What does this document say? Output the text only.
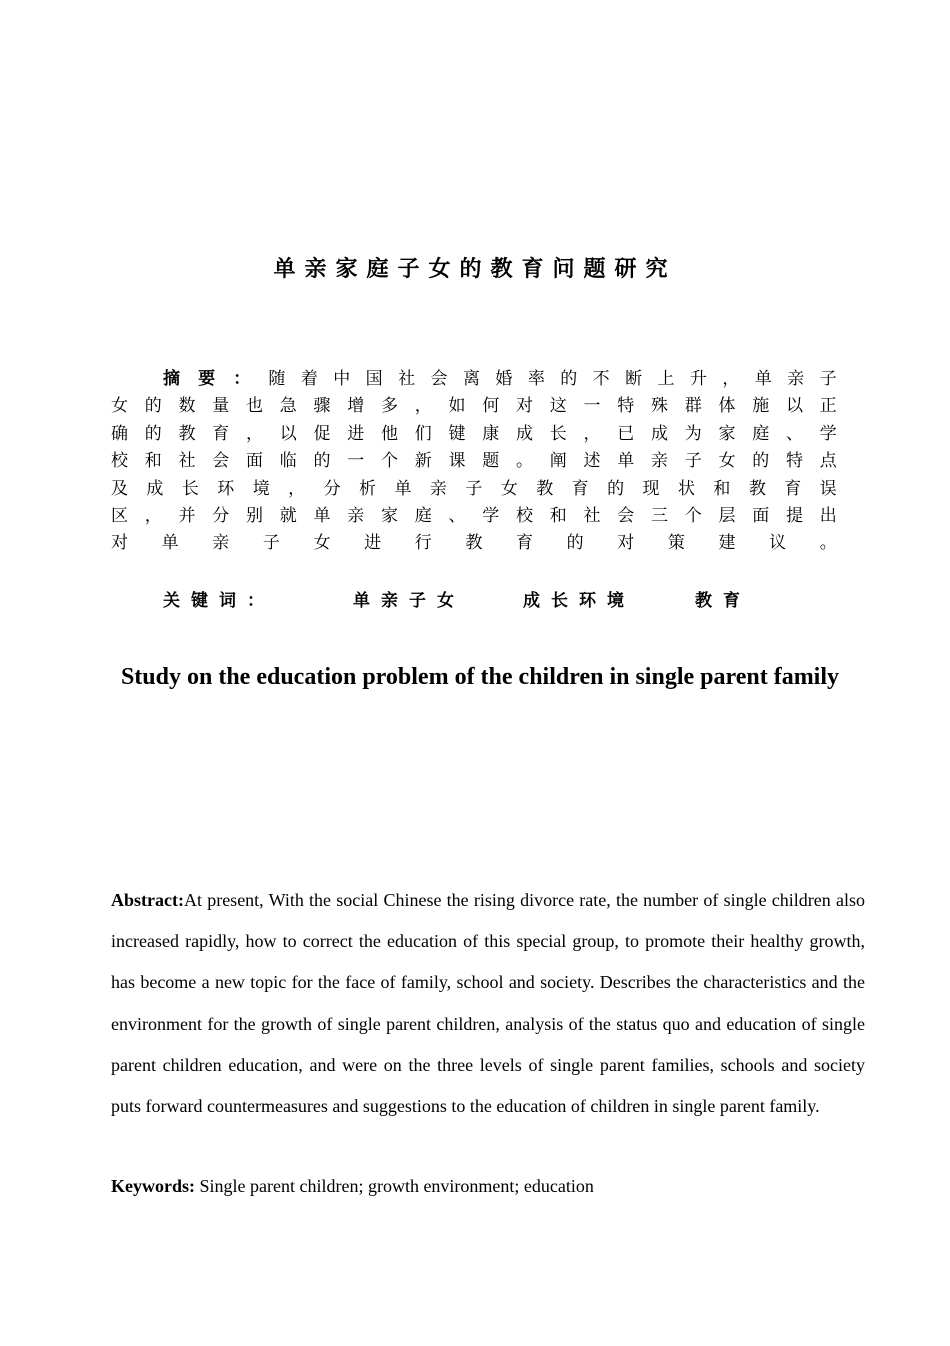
单亲家庭子女的教育问题研究
摘要：随着中国社会离婚率的不断上升，单亲子女的数量也急骤增多，如何对这一特殊群体施以正确的教育，以促进他们键康成长，已成为家庭、学校和社会面临的一个新课题。阐述单亲子女的特点及成长环境，分析单亲子女教育的现状和教育误区，并分别就单亲家庭、学校和社会三个层面提出对单亲子女进行教育的对策建议。
关键词：	单亲子女	成长环境	教育
Study on the education problem of the children in single parent family
Abstract:At present, With the social Chinese the rising divorce rate, the number of single children also increased rapidly, how to correct the education of this special group, to promote their healthy growth, has become a new topic for the face of family, school and society. Describes the characteristics and the environment for the growth of single parent children, analysis of the status quo and education of single parent children education, and were on the three levels of single parent families, schools and society puts forward countermeasures and suggestions to the education of children in single parent family.
Keywords: Single parent children; growth environment; education
